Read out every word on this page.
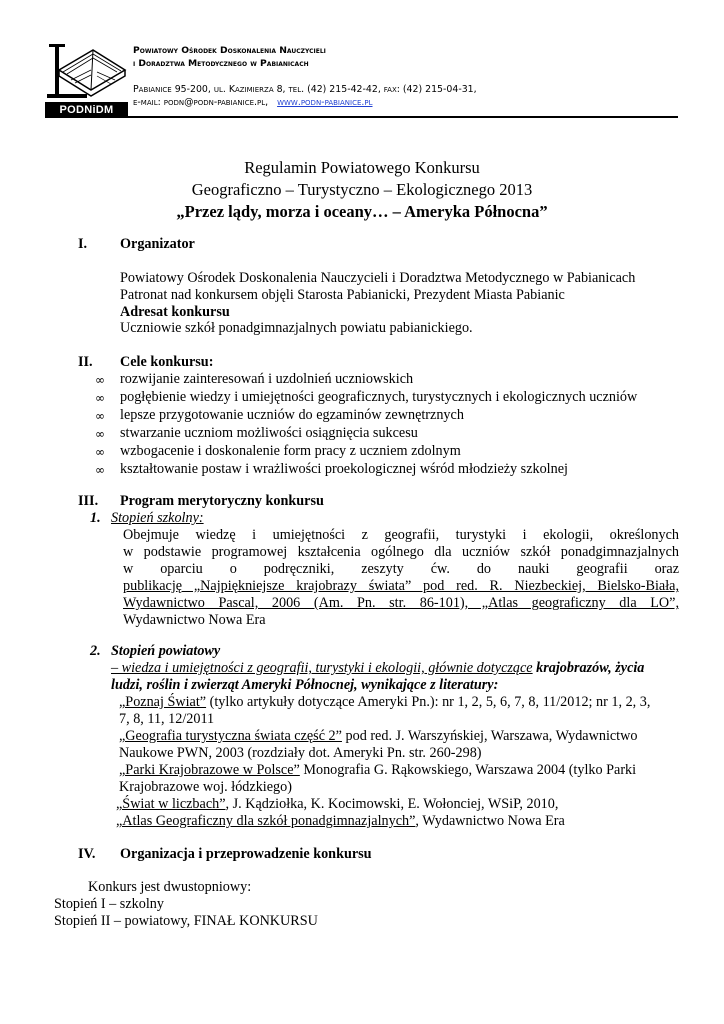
PODNiDM
Powiatowy Ośrodek Doskonalenia Nauczycieli
i Doradztwa Metodycznego w Pabianicach
Pabianice 95-200, ul. Kazimierza 8, tel. (42) 215-42-42, fax: (42) 215-04-31,
e-mail: podn@podn-pabianice.pl, www.podn-pabianice.pl
Regulamin Powiatowego Konkursu
Geograficzno – Turystyczno – Ekologicznego 2013
„Przez lądy, morza i oceany… – Ameryka Północna”
I. Organizator
Powiatowy Ośrodek Doskonalenia Nauczycieli i Doradztwa Metodycznego w Pabianicach
Patronat nad konkursem objęli Starosta Pabianicki, Prezydent Miasta Pabianic
Adresat konkursu
Uczniowie szkół ponadgimnazjalnych powiatu pabianickiego.
II. Cele konkursu:
∞ rozwijanie zainteresowań i uzdolnień uczniowskich
∞ pogłębienie wiedzy i umiejętności geograficznych, turystycznych i ekologicznych uczniów
∞ lepsze przygotowanie uczniów do egzaminów zewnętrznych
∞ stwarzanie uczniom możliwości osiągnięcia sukcesu
∞ wzbogacenie i doskonalenie form pracy z uczniem zdolnym
∞ kształtowanie postaw i wrażliwości proekologicznej wśród młodzieży szkolnej
III. Program merytoryczny konkursu
1. Stopień szkolny:
Obejmuje wiedzę i umiejętności z geografii, turystyki i ekologii, określonych
w podstawie programowej kształcenia ogólnego dla uczniów szkół ponadgimnazjalnych
w oparciu o podręczniki, zeszyty ćw. do nauki geografii oraz
publikację „Najpiękniejsze krajobrazy świata” pod red. R. Niezbeckiej, Bielsko-Biała,
Wydawnictwo Pascal, 2006 (Am. Pn. str. 86-101), „Atlas geograficzny dla LO”,
Wydawnictwo Nowa Era
2. Stopień powiatowy
– wiedza i umiejętności z geografii, turystyki i ekologii, głównie dotyczące krajobrazów, życia
ludzi, roślin i zwierząt Ameryki Północnej, wynikające z literatury:
„Poznaj Świat” (tylko artykuły dotyczące Ameryki Pn.): nr 1, 2, 5, 6, 7, 8, 11/2012; nr 1, 2, 3,
7, 8, 11, 12/2011
„Geografia turystyczna świata część 2” pod red. J. Warszyńskiej, Warszawa, Wydawnictwo
Naukowe PWN, 2003 (rozdziały dot. Ameryki Pn. str. 260-298)
„Parki Krajobrazowe w Polsce” Monografia G. Rąkowskiego, Warszawa 2004 (tylko Parki
Krajobrazowe woj. łódzkiego)
„Świat w liczbach”, J. Kądziołka, K. Kocimowski, E. Wołonciej, WSiP, 2010,
„Atlas Geograficzny dla szkół ponadgimnazjalnych”, Wydawnictwo Nowa Era
IV. Organizacja i przeprowadzenie konkursu
Konkurs jest dwustopniowy:
Stopień I – szkolny
Stopień II – powiatowy, FINAŁ KONKURSU
